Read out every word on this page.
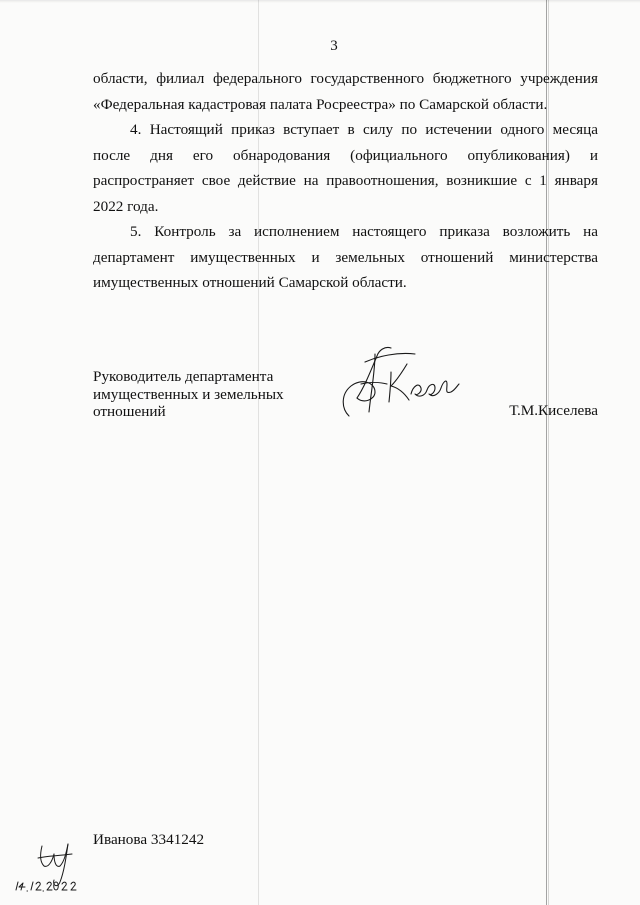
3

области, филиал федерального государственного бюджетного учреждения «Федеральная кадастровая палата Росреестра» по Самарской области.

4. Настоящий приказ вступает в силу по истечении одного месяца после дня его обнародования (официального опубликования) и распространяет свое действие на правоотношения, возникшие с 1 января 2022 года.

5. Контроль за исполнением настоящего приказа возложить на департамент имущественных и земельных отношений министерства имущественных отношений Самарской области.

Руководитель департамента
имущественных и земельных
отношений	Т.М.Киселева
Иванова 3341242
